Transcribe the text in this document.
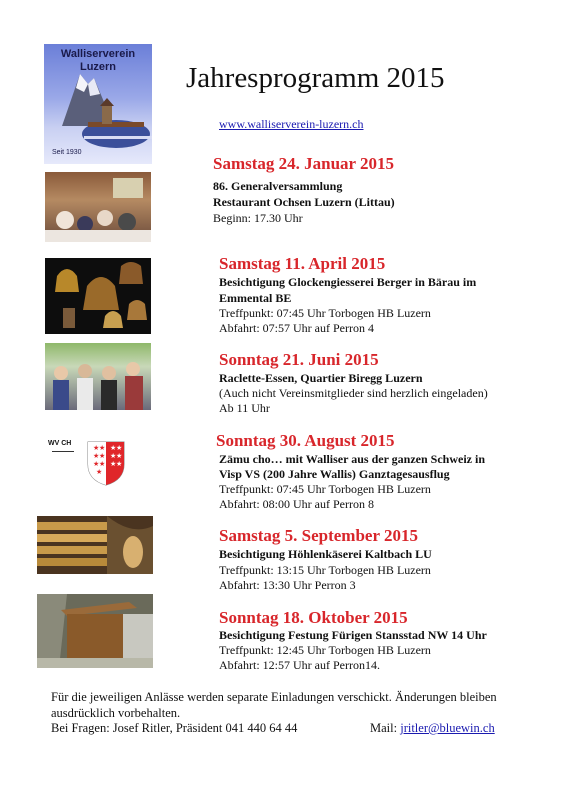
Walliserverein
Luzern
Seit 1930
Jahresprogramm 2015
www.walliserverein-luzern.ch
Samstag 24. Januar 2015
86. Generalversammlung
Restaurant Ochsen Luzern (Littau)
Beginn: 17.30 Uhr
Samstag 11. April 2015
Besichtigung Glockengiesserei Berger in Bärau im
Emmental BE
Treffpunkt: 07:45 Uhr Torbogen HB Luzern
Abfahrt: 07:57 Uhr auf Perron 4
Sonntag 21. Juni 2015
Raclette-Essen, Quartier Biregg Luzern
(Auch nicht Vereinsmitglieder sind herzlich eingeladen)
Ab 11 Uhr
WV CH
★ ★
★ ★
★ ★
★
★ ★
★ ★
★ ★
Sonntag 30. August 2015
Zämu cho… mit Walliser aus der ganzen Schweiz in
Visp VS (200 Jahre Wallis) Ganztagesausflug
Treffpunkt: 07:45 Uhr Torbogen HB Luzern
Abfahrt: 08:00 Uhr auf Perron 8
Samstag 5. September 2015
Besichtigung Höhlenkäserei Kaltbach LU
Treffpunkt: 13:15 Uhr Torbogen HB Luzern
Abfahrt: 13:30 Uhr Perron 3
Sonntag 18. Oktober 2015
Besichtigung Festung Fürigen Stansstad NW 14 Uhr
Treffpunkt: 12:45 Uhr Torbogen HB Luzern
Abfahrt: 12:57 Uhr auf Perron14.
Für die jeweiligen Anlässe werden separate Einladungen verschickt. Änderungen bleiben
ausdrücklich vorbehalten.
Bei Fragen: Josef Ritler, Präsident 041 440 64 44	Mail: jritler@bluewin.ch
